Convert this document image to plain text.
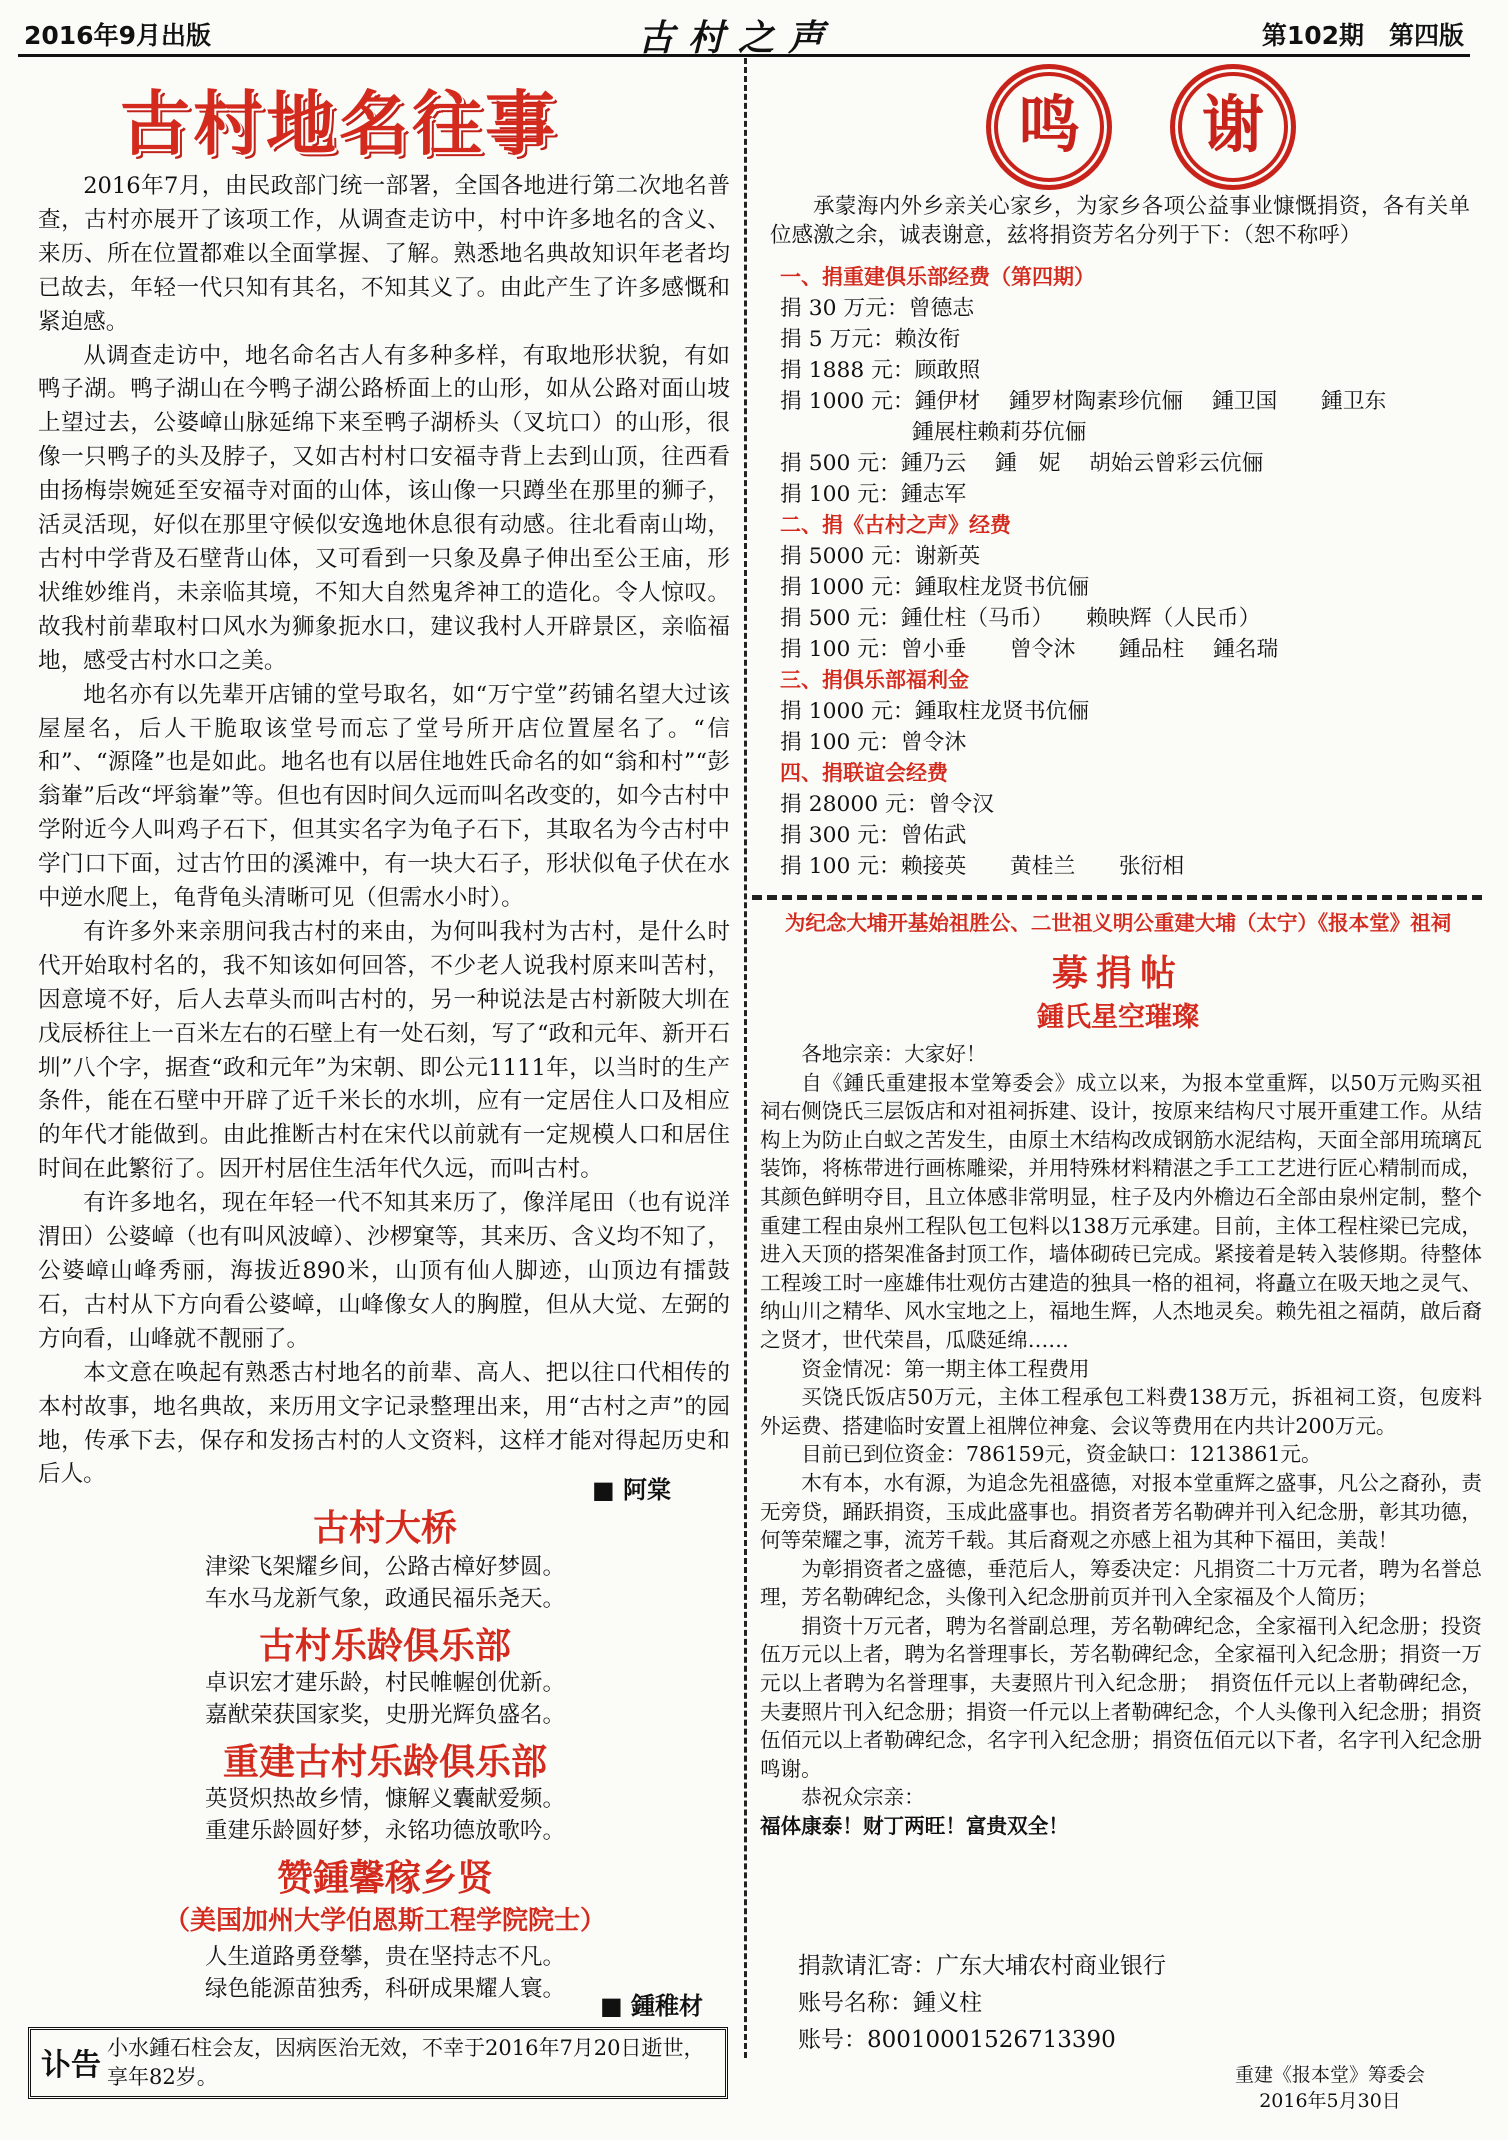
2016年9月出版	古村之声	第102期　第四版
古村地名往事

2016年7月，由民政部门统一部署，全国各地进行第二次地名普查，古村亦展开了该项工作，从调查走访中，村中许多地名的含义、来历、所在位置都难以全面掌握、了解。熟悉地名典故知识年老者均已故去，年轻一代只知有其名，不知其义了。由此产生了许多感慨和紧迫感。

从调查走访中，地名命名古人有多种多样，有取地形状貌，有如鸭子湖。鸭子湖山在今鸭子湖公路桥面上的山形，如从公路对面山坡上望过去，公婆嶂山脉延绵下来至鸭子湖桥头（叉坑口）的山形，很像一只鸭子的头及脖子，又如古村村口安福寺背上去到山顶，往西看由扬梅崇婉延至安福寺对面的山体，该山像一只蹲坐在那里的狮子，活灵活现，好似在那里守候似安逸地休息很有动感。往北看南山坳，古村中学背及石壁背山体，又可看到一只象及鼻子伸出至公王庙，形状维妙维肖，未亲临其境，不知大自然鬼斧神工的造化。令人惊叹。故我村前辈取村口风水为狮象扼水口，建议我村人开辟景区，亲临福地，感受古村水口之美。

地名亦有以先辈开店铺的堂号取名，如“万宁堂”药铺名望大过该屋屋名，后人干脆取该堂号而忘了堂号所开店位置屋名了。“信和”、“源隆”也是如此。地名也有以居住地姓氏命名的如“翁和村”“彭翁輋”后改“坪翁輋”等。但也有因时间久远而叫名改变的，如今古村中学附近今人叫鸡子石下，但其实名字为龟子石下，其取名为今古村中学门口下面，过古竹田的溪滩中，有一块大石子，形状似龟子伏在水中逆水爬上，龟背龟头清晰可见（但需水小时）。

有许多外来亲朋问我古村的来由，为何叫我村为古村，是什么时代开始取村名的，我不知该如何回答，不少老人说我村原来叫苦村，因意境不好，后人去草头而叫古村的，另一种说法是古村新陂大圳在戊辰桥往上一百米左右的石壁上有一处石刻，写了“政和元年、新开石圳”八个字，据查“政和元年”为宋朝、即公元1111年，以当时的生产条件，能在石壁中开辟了近千米长的水圳，应有一定居住人口及相应的年代才能做到。由此推断古村在宋代以前就有一定规模人口和居住时间在此繁衍了。因开村居住生活年代久远，而叫古村。

有许多地名，现在年轻一代不知其来历了，像洋尾田（也有说洋渭田）公婆嶂（也有叫风波嶂）、沙椤窠等，其来历、含义均不知了，公婆嶂山峰秀丽，海拔近890米，山顶有仙人脚迹，山顶边有擂鼓石，古村从下方向看公婆嶂，山峰像女人的胸膛，但从大觉、左弼的方向看，山峰就不靓丽了。

本文意在唤起有熟悉古村地名的前辈、高人、把以往口代相传的本村故事，地名典故，来历用文字记录整理出来，用“古村之声”的园地，传承下去，保存和发扬古村的人文资料，这样才能对得起历史和后人。

■ 阿棠
古村大桥
津梁飞架耀乡间，公路古樟好梦圆。
车水马龙新气象，政通民福乐尧天。
古村乐龄俱乐部
卓识宏才建乐龄，村民帷幄创优新。
嘉猷荣获国家奖，史册光辉负盛名。
重建古村乐龄俱乐部
英贤炽热故乡情，慷解义囊献爱频。
重建乐龄圆好梦，永铭功德放歌吟。
赞鍾馨稼乡贤
（美国加州大学伯恩斯工程学院院士）
人生道路勇登攀，贵在坚持志不凡。
绿色能源苗独秀，科研成果耀人寰。
■ 鍾稚材
讣告 小水鍾石柱会友，因病医治无效，不幸于2016年7月20日逝世，享年82岁。
鸣	谢
承蒙海内外乡亲关心家乡，为家乡各项公益事业慷慨捐资，各有关单位感激之余，诚表谢意，兹将捐资芳名分列于下：（恕不称呼）
一、捐重建俱乐部经费（第四期）
捐 30 万元：曾德志
捐 5 万元：赖汝衔
捐 1888 元：顾敢照
捐 1000 元：鍾伊材　 鍾罗材陶素珍伉俪　 鍾卫国　　鍾卫东
鍾展柱赖莉芬伉俪
捐 500 元：鍾乃云　 鍾　妮　 胡始云曾彩云伉俪
捐 100 元：鍾志军
二、捐《古村之声》经费
捐 5000 元：谢新英
捐 1000 元：鍾取柱龙贤书伉俪
捐 500 元：鍾仕柱（马币）　　赖映辉（人民币）
捐 100 元：曾小垂　　曾令沐　　鍾品柱　 鍾名瑞
三、捐俱乐部福利金
捐 1000 元：鍾取柱龙贤书伉俪
捐 100 元：曾令沐
四、捐联谊会经费
捐 28000 元：曾令汉
捐 300 元：曾佑武
捐 100 元：赖接英　　黄桂兰　　张衍相
为纪念大埔开基始祖胜公、二世祖义明公重建大埔（太宁）《报本堂》祖祠
募捐帖
鍾氏星空璀璨

各地宗亲：大家好！

自《鍾氏重建报本堂筹委会》成立以来，为报本堂重辉，以50万元购买祖祠右侧饶氏三层饭店和对祖祠拆建、设计，按原来结构尺寸展开重建工作。从结构上为防止白蚁之苦发生，由原土木结构改成钢筋水泥结构，天面全部用琉璃瓦装饰，将栋带进行画栋雕梁，并用特殊材料精湛之手工工艺进行匠心精制而成，其颜色鲜明夺目，且立体感非常明显，柱子及内外檐边石全部由泉州定制，整个重建工程由泉州工程队包工包料以138万元承建。目前，主体工程柱梁已完成，进入天顶的搭架准备封顶工作，墙体砌砖已完成。紧接着是转入装修期。待整体工程竣工时一座雄伟壮观仿古建造的独具一格的祖祠，将矗立在吸天地之灵气、纳山川之精华、风水宝地之上，福地生辉，人杰地灵矣。赖先祖之福荫，啟后裔之贤才，世代荣昌，瓜瓞延绵……

资金情况：第一期主体工程费用

买饶氏饭店50万元，主体工程承包工料费138万元，拆祖祠工资，包废料外运费、搭建临时安置上祖牌位神龛、会议等费用在内共计200万元。

目前已到位资金：786159元，资金缺口：1213861元。

木有本，水有源，为追念先祖盛德，对报本堂重辉之盛事，凡公之裔孙，责无旁贷，踊跃捐资，玉成此盛事也。捐资者芳名勒碑并刊入纪念册，彰其功德，何等荣耀之事，流芳千载。其后裔观之亦感上祖为其种下福田，美哉！

为彰捐资者之盛德，垂范后人，筹委决定：凡捐资二十万元者，聘为名誉总理，芳名勒碑纪念，头像刊入纪念册前页并刊入全家福及个人简历；

捐资十万元者，聘为名誉副总理，芳名勒碑纪念，全家福刊入纪念册；投资伍万元以上者，聘为名誉理事长，芳名勒碑纪念，全家福刊入纪念册；捐资一万元以上者聘为名誉理事，夫妻照片刊入纪念册；　捐资伍仟元以上者勒碑纪念，夫妻照片刊入纪念册；捐资一仟元以上者勒碑纪念，个人头像刊入纪念册；捐资伍佰元以上者勒碑纪念，名字刊入纪念册；捐资伍佰元以下者，名字刊入纪念册鸣谢。

恭祝众宗亲：

福体康泰！财丁两旺！富贵双全！

捐款请汇寄：广东大埔农村商业银行
账号名称：鍾义柱
账号：80010001526713390
重建《报本堂》筹委会
2016年5月30日
